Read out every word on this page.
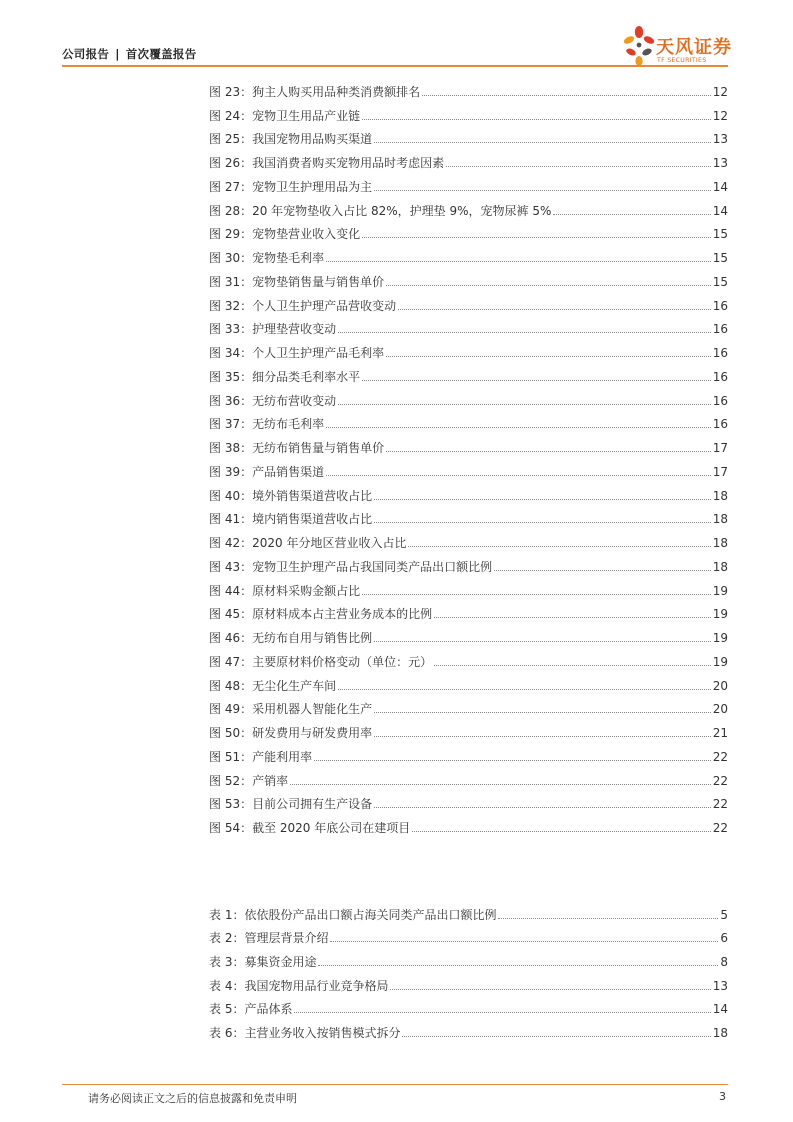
公司报告 | 首次覆盖报告	天风证券
TF SECURITIES
图 23：狗主人购买用品种类消费额排名	12
图 24：宠物卫生用品产业链	12
图 25：我国宠物用品购买渠道	13
图 26：我国消费者购买宠物用品时考虑因素	13
图 27：宠物卫生护理用品为主	14
图 28：20 年宠物垫收入占比 82%，护理垫 9%，宠物尿裤 5%	14
图 29：宠物垫营业收入变化	15
图 30：宠物垫毛利率	15
图 31：宠物垫销售量与销售单价	15
图 32：个人卫生护理产品营收变动	16
图 33：护理垫营收变动	16
图 34：个人卫生护理产品毛利率	16
图 35：细分品类毛利率水平	16
图 36：无纺布营收变动	16
图 37：无纺布毛利率	16
图 38：无纺布销售量与销售单价	17
图 39：产品销售渠道	17
图 40：境外销售渠道营收占比	18
图 41：境内销售渠道营收占比	18
图 42：2020 年分地区营业收入占比	18
图 43：宠物卫生护理产品占我国同类产品出口额比例	18
图 44：原材料采购金额占比	19
图 45：原材料成本占主营业务成本的比例	19
图 46：无纺布自用与销售比例	19
图 47：主要原材料价格变动（单位：元）	19
图 48：无尘化生产车间	20
图 49：采用机器人智能化生产	20
图 50：研发费用与研发费用率	21
图 51：产能利用率	22
图 52：产销率	22
图 53：目前公司拥有生产设备	22
图 54：截至 2020 年底公司在建项目	22
表 1：依依股份产品出口额占海关同类产品出口额比例	5
表 2：管理层背景介绍	6
表 3：募集资金用途	8
表 4：我国宠物用品行业竞争格局	13
表 5：产品体系	14
表 6：主营业务收入按销售模式拆分	18
请务必阅读正文之后的信息披露和免责申明	3
